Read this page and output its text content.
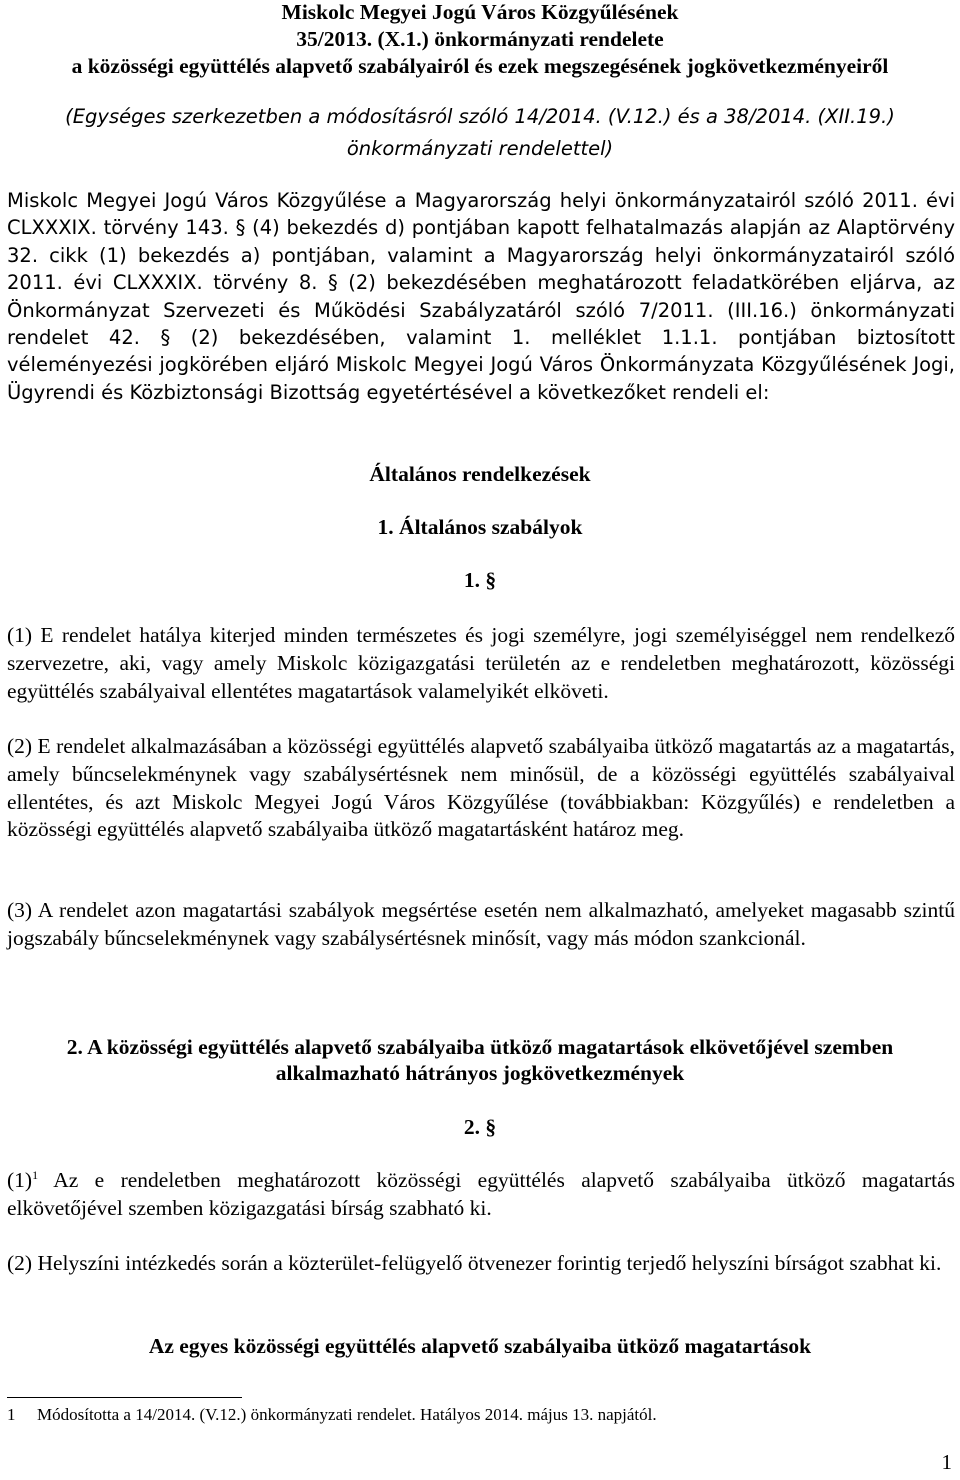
Miskolc Megyei Jogú Város Közgyűlésének
35/2013. (X.1.) önkormányzati rendelete
a közösségi együttélés alapvető szabályairól és ezek megszegésének jogkövetkezményeiről
(Egységes szerkezetben a módosításról szóló 14/2014. (V.12.) és a 38/2014. (XII.19.) önkormányzati rendelettel)
Miskolc Megyei Jogú Város Közgyűlése a Magyarország helyi önkormányzatairól szóló 2011. évi CLXXXIX. törvény 143. § (4) bekezdés d) pontjában kapott felhatalmazás alapján az Alaptörvény 32. cikk (1) bekezdés a) pontjában, valamint a Magyarország helyi önkormányzatairól szóló 2011. évi CLXXXIX. törvény 8. § (2) bekezdésében meghatározott feladatkörében eljárva, az Önkormányzat Szervezeti és Működési Szabályzatáról szóló 7/2011. (III.16.) önkormányzati rendelet 42. § (2) bekezdésében, valamint 1. melléklet 1.1.1. pontjában biztosított véleményezési jogkörében eljáró Miskolc Megyei Jogú Város Önkormányzata Közgyűlésének Jogi, Ügyrendi és Közbiztonsági Bizottság egyetértésével a következőket rendeli el:
Általános rendelkezések
1. Általános szabályok
1. §
(1) E rendelet hatálya kiterjed minden természetes és jogi személyre, jogi személyiséggel nem rendelkező szervezetre, aki, vagy amely Miskolc közigazgatási területén az e rendeletben meghatározott, közösségi együttélés szabályaival ellentétes magatartások valamelyikét elköveti.
(2) E rendelet alkalmazásában a közösségi együttélés alapvető szabályaiba ütköző magatartás az a magatartás, amely bűncselekménynek vagy szabálysértésnek nem minősül, de a közösségi együttélés szabályaival ellentétes, és azt Miskolc Megyei Jogú Város Közgyűlése (továbbiakban: Közgyűlés) e rendeletben a közösségi együttélés alapvető szabályaiba ütköző magatartásként határoz meg.
(3) A rendelet azon magatartási szabályok megsértése esetén nem alkalmazható, amelyeket magasabb szintű jogszabály bűncselekménynek vagy szabálysértésnek minősít, vagy más módon szankcionál.
2. A közösségi együttélés alapvető szabályaiba ütköző magatartások elkövetőjével szemben
alkalmazható hátrányos jogkövetkezmények
2. §
$(1)^1$ Az e rendeletben meghatározott közösségi együttélés alapvető szabályaiba ütköző magatartás elkövetőjével szemben közigazgatási bírság szabható ki.
(2) Helyszíni intézkedés során a közterület-felügyelő ötvenezer forintig terjedő helyszíni bírságot szabhat ki.
Az egyes közösségi együttélés alapvető szabályaiba ütköző magatartások
1 Módosította a 14/2014. (V.12.) önkormányzati rendelet. Hatályos 2014. május 13. napjától.
1
